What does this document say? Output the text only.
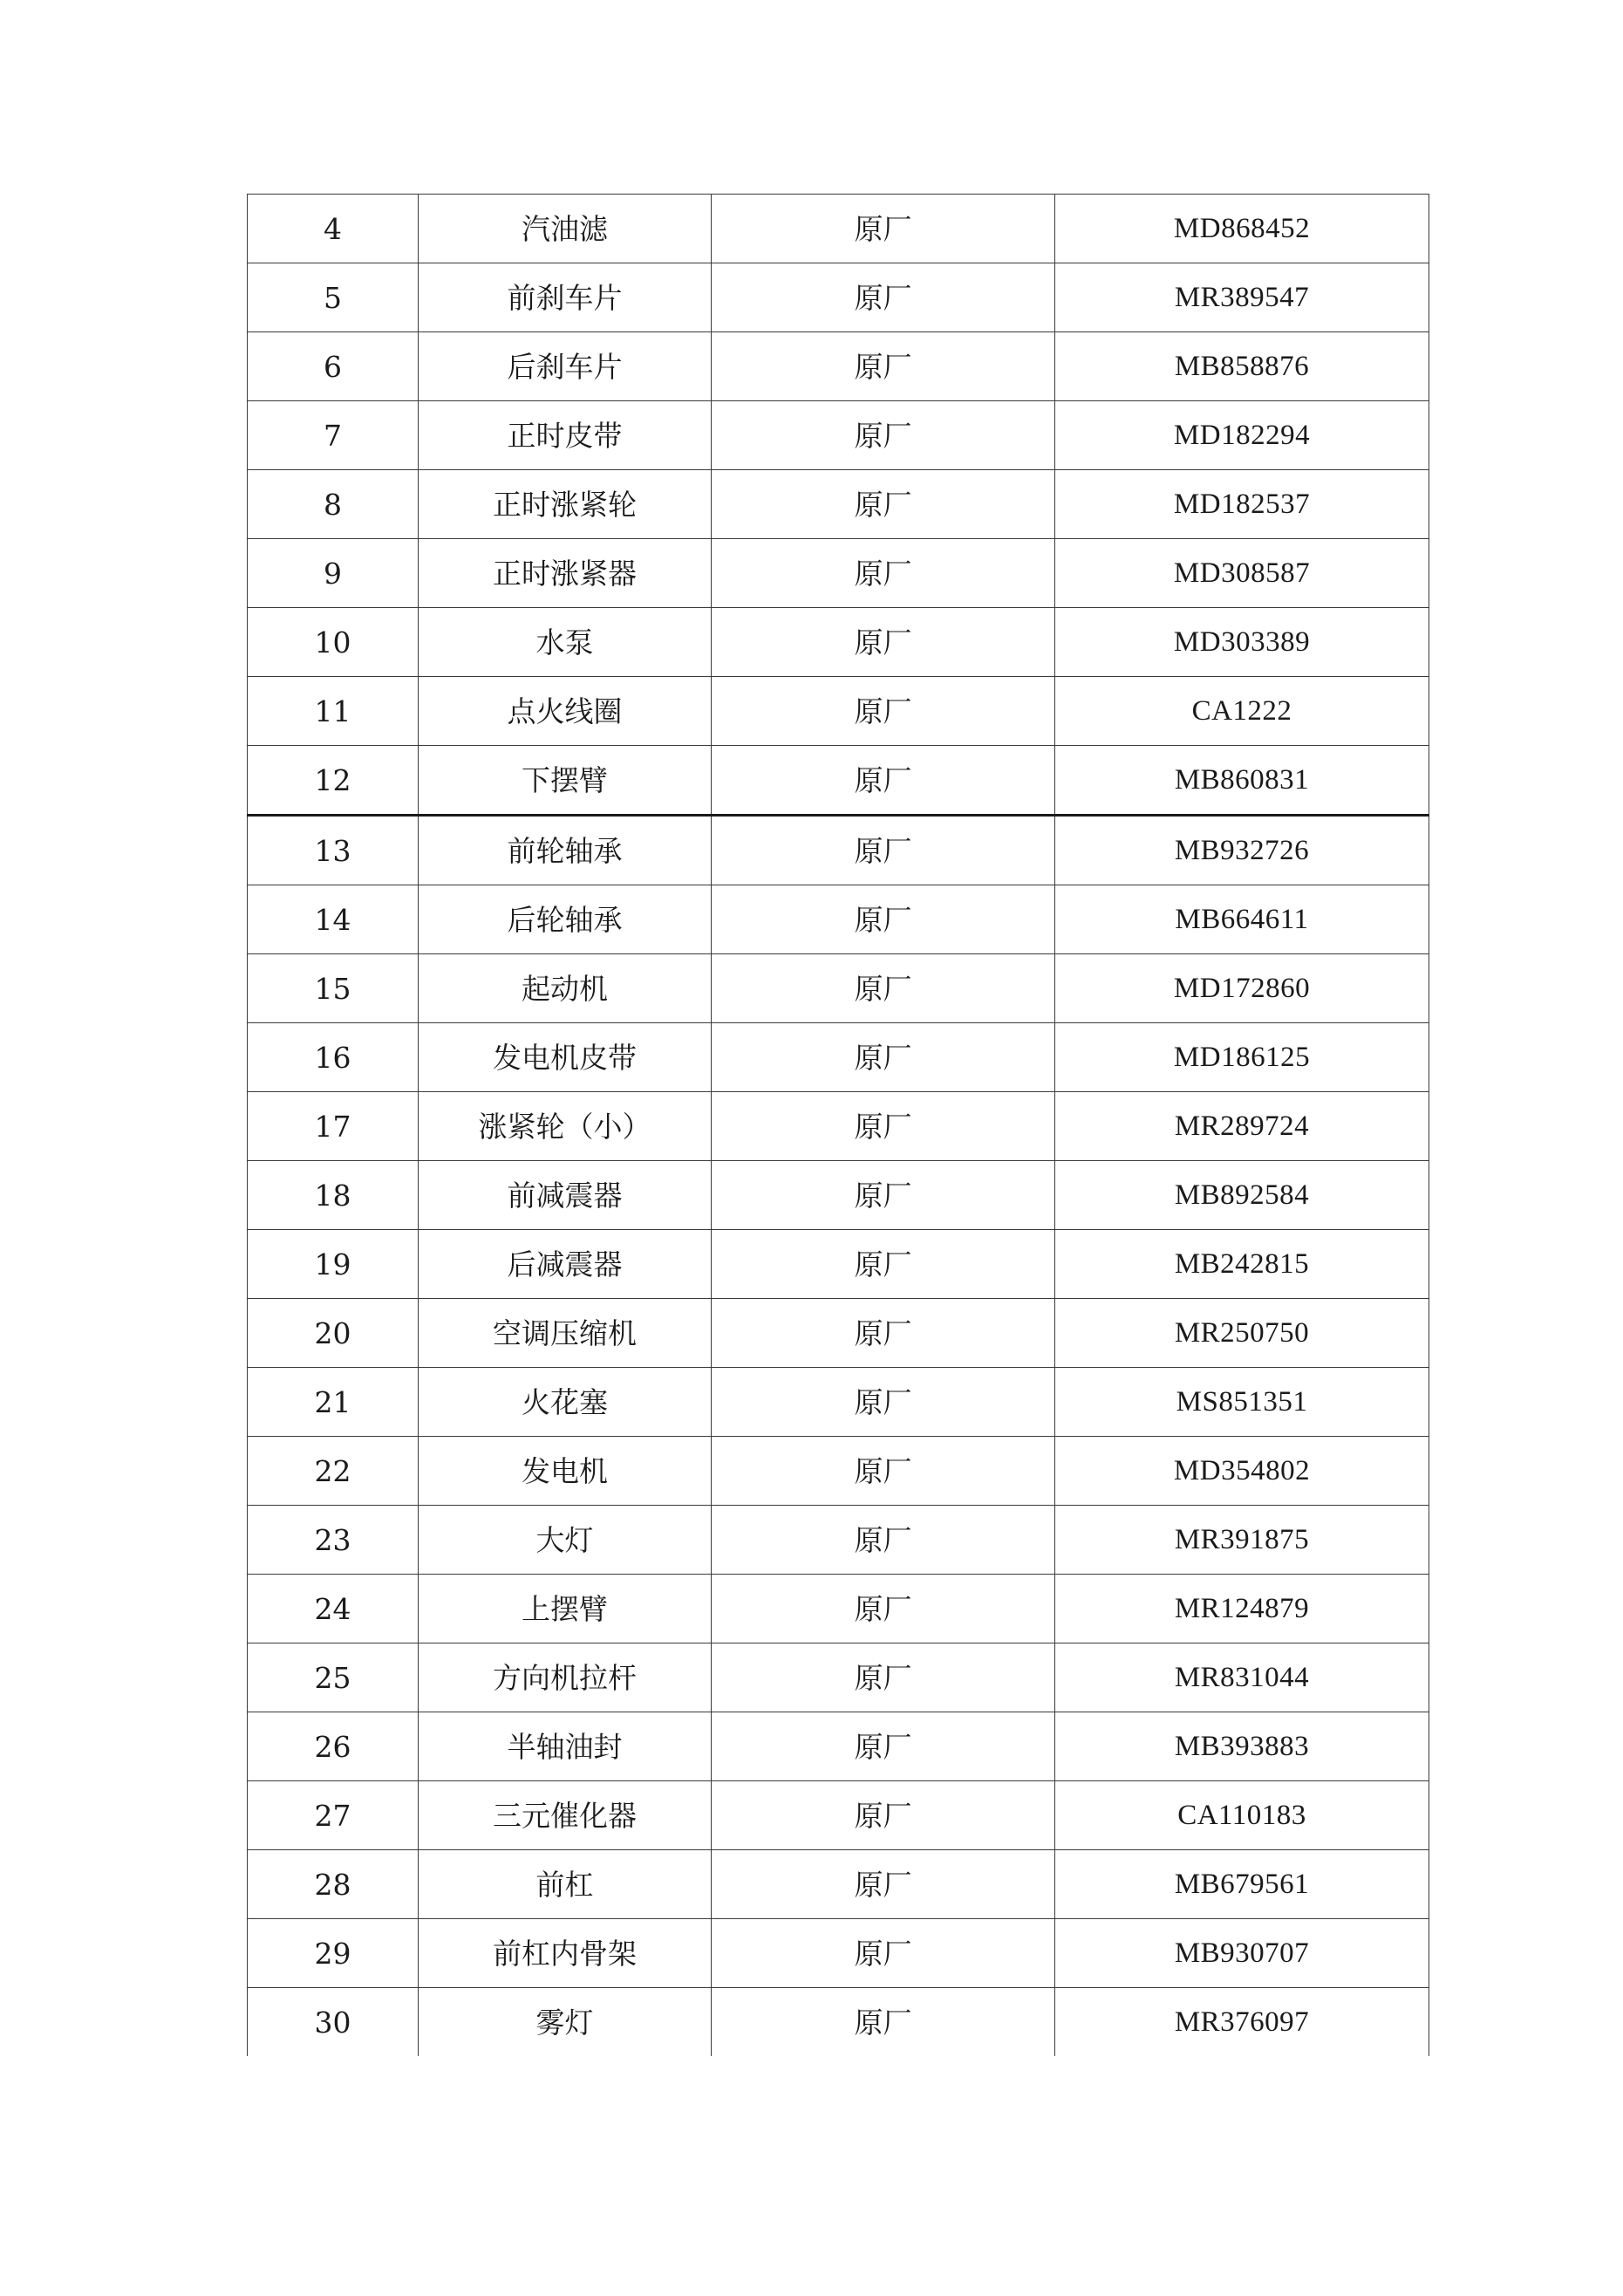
4	汽油滤	原厂	MD868452
5	前刹车片	原厂	MR389547
6	后刹车片	原厂	MB858876
7	正时皮带	原厂	MD182294
8	正时涨紧轮	原厂	MD182537
9	正时涨紧器	原厂	MD308587
10	水泵	原厂	MD303389
11	点火线圈	原厂	CA1222
12	下摆臂	原厂	MB860831
13	前轮轴承	原厂	MB932726
14	后轮轴承	原厂	MB664611
15	起动机	原厂	MD172860
16	发电机皮带	原厂	MD186125
17	涨紧轮（小）	原厂	MR289724
18	前减震器	原厂	MB892584
19	后减震器	原厂	MB242815
20	空调压缩机	原厂	MR250750
21	火花塞	原厂	MS851351
22	发电机	原厂	MD354802
23	大灯	原厂	MR391875
24	上摆臂	原厂	MR124879
25	方向机拉杆	原厂	MR831044
26	半轴油封	原厂	MB393883
27	三元催化器	原厂	CA110183
28	前杠	原厂	MB679561
29	前杠内骨架	原厂	MB930707
30	雾灯	原厂	MR376097
